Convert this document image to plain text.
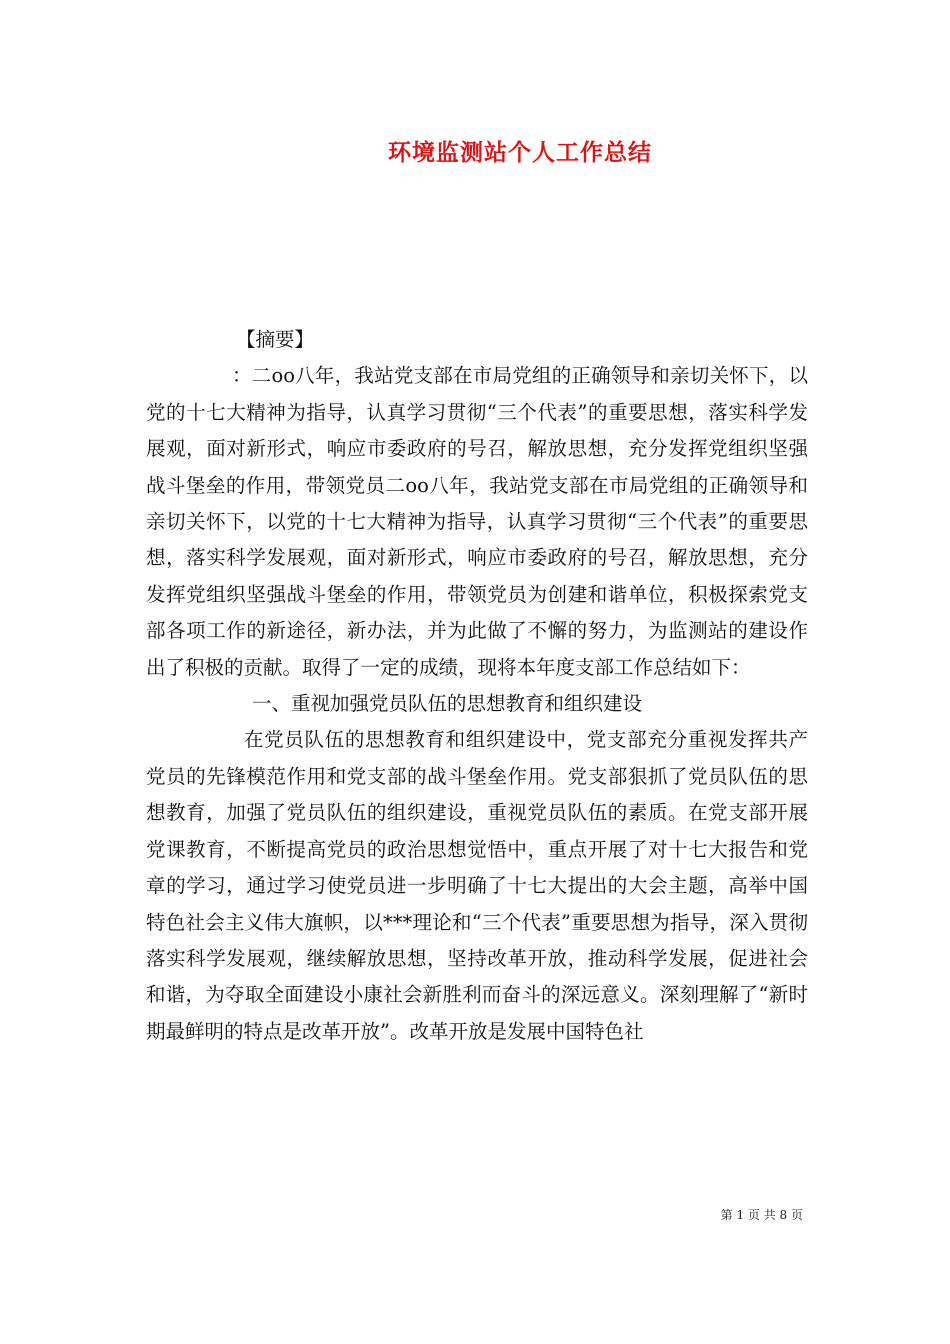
环境监测站个人工作总结

【摘要】

：二oo八年，我站党支部在市局党组的正确领导和亲切关怀下，以党的十七大精神为指导，认真学习贯彻“三个代表”的重要思想，落实科学发展观，面对新形式，响应市委政府的号召，解放思想，充分发挥党组织坚强战斗堡垒的作用，带领党员二oo八年，我站党支部在市局党组的正确领导和亲切关怀下，以党的十七大精神为指导，认真学习贯彻“三个代表”的重要思想，落实科学发展观，面对新形式，响应市委政府的号召，解放思想，充分发挥党组织坚强战斗堡垒的作用，带领党员为创建和谐单位，积极探索党支部各项工作的新途径，新办法，并为此做了不懈的努力，为监测站的建设作出了积极的贡献。取得了一定的成绩，现将本年度支部工作总结如下：

一、重视加强党员队伍的思想教育和组织建设

在党员队伍的思想教育和组织建设中，党支部充分重视发挥共产党员的先锋模范作用和党支部的战斗堡垒作用。党支部狠抓了党员队伍的思想教育，加强了党员队伍的组织建设，重视党员队伍的素质。在党支部开展党课教育，不断提高党员的政治思想觉悟中，重点开展了对十七大报告和党章的学习，通过学习使党员进一步明确了十七大提出的大会主题，高举中国特色社会主义伟大旗帜，以***理论和“三个代表”重要思想为指导，深入贯彻落实科学发展观，继续解放思想，坚持改革开放，推动科学发展，促进社会和谐，为夺取全面建设小康社会新胜利而奋斗的深远意义。深刻理解了“新时期最鲜明的特点是改革开放”。改革开放是发展中国特色社

第 1 页 共 8 页
